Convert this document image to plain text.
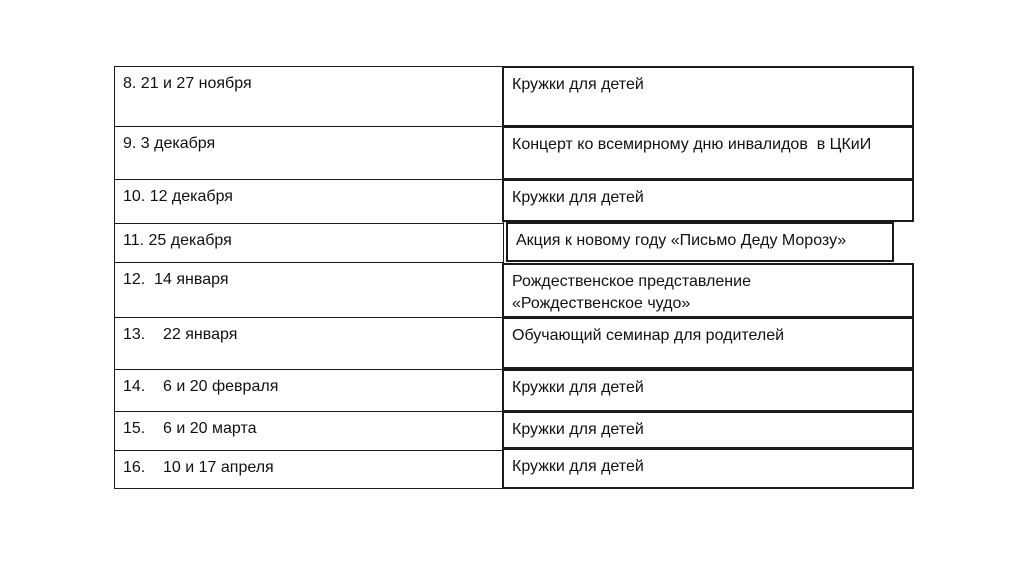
8. 21 и 27 ноября
9. 3 декабря
10. 12 декабря
11. 25 декабря
12.  14 января
13.    22 января
14.    6 и 20 февраля
15.    6 и 20 марта
16.    10 и 17 апреля
Кружки для детей
Концерт ко всемирному дню инвалидов  в ЦКиИ
Кружки для детей
Акция к новому году «Письмо Деду Морозу»
Рождественское представление «Рождественское чудо»
Обучающий семинар для родителей
Кружки для детей
Кружки для детей
Кружки для детей
